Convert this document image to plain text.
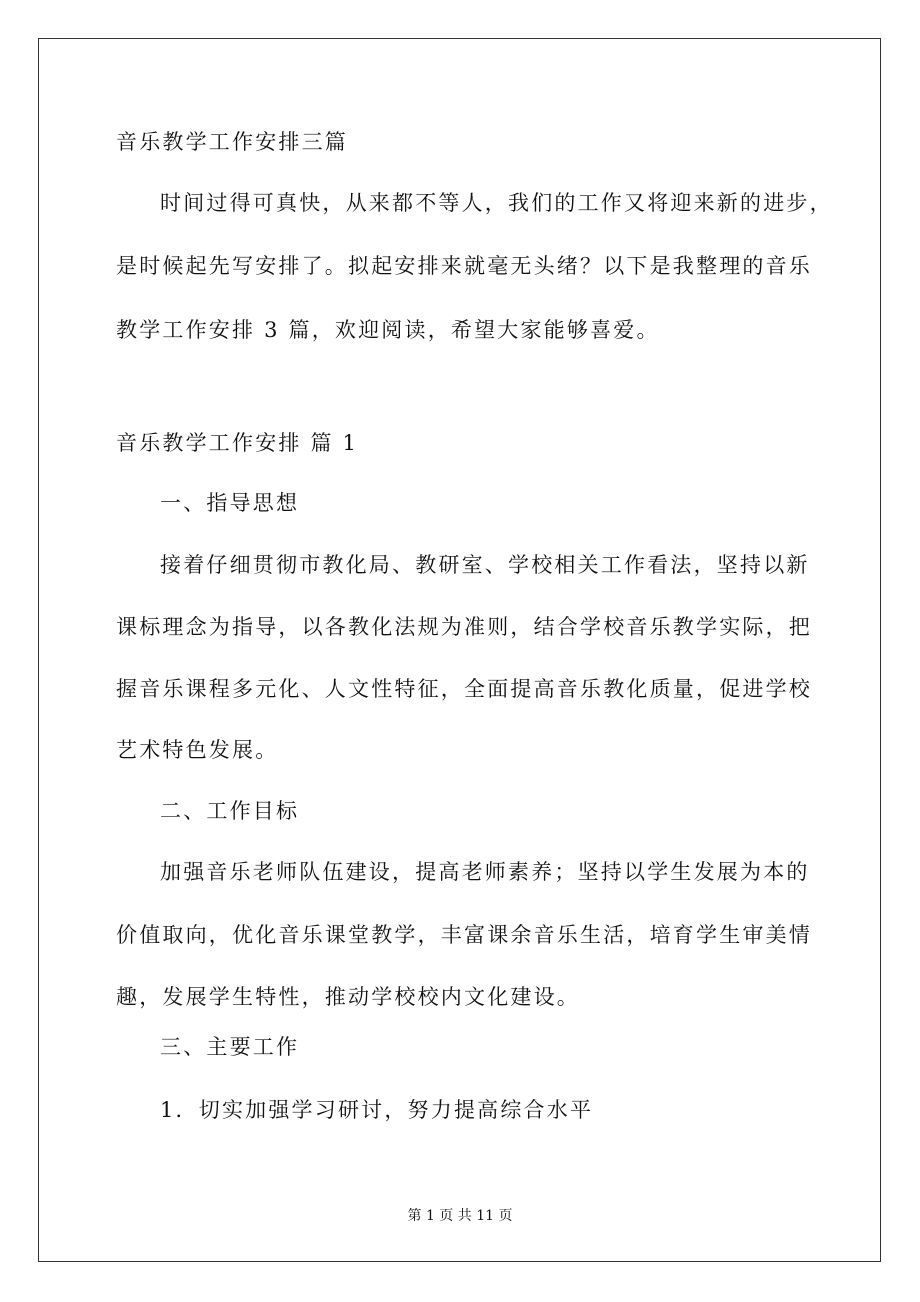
音乐教学工作安排三篇
时间过得可真快，从来都不等人，我们的工作又将迎来新的进步，
是时候起先写安排了。拟起安排来就毫无头绪？以下是我整理的音乐
教学工作安排 3 篇，欢迎阅读，希望大家能够喜爱。
音乐教学工作安排 篇 1
一、指导思想
接着仔细贯彻市教化局、教研室、学校相关工作看法，坚持以新
课标理念为指导，以各教化法规为准则，结合学校音乐教学实际，把
握音乐课程多元化、人文性特征，全面提高音乐教化质量，促进学校
艺术特色发展。
二、工作目标
加强音乐老师队伍建设，提高老师素养；坚持以学生发展为本的
价值取向，优化音乐课堂教学，丰富课余音乐生活，培育学生审美情
趣，发展学生特性，推动学校校内文化建设。
三、主要工作
1．切实加强学习研讨，努力提高综合水平
第 1 页 共 11 页
